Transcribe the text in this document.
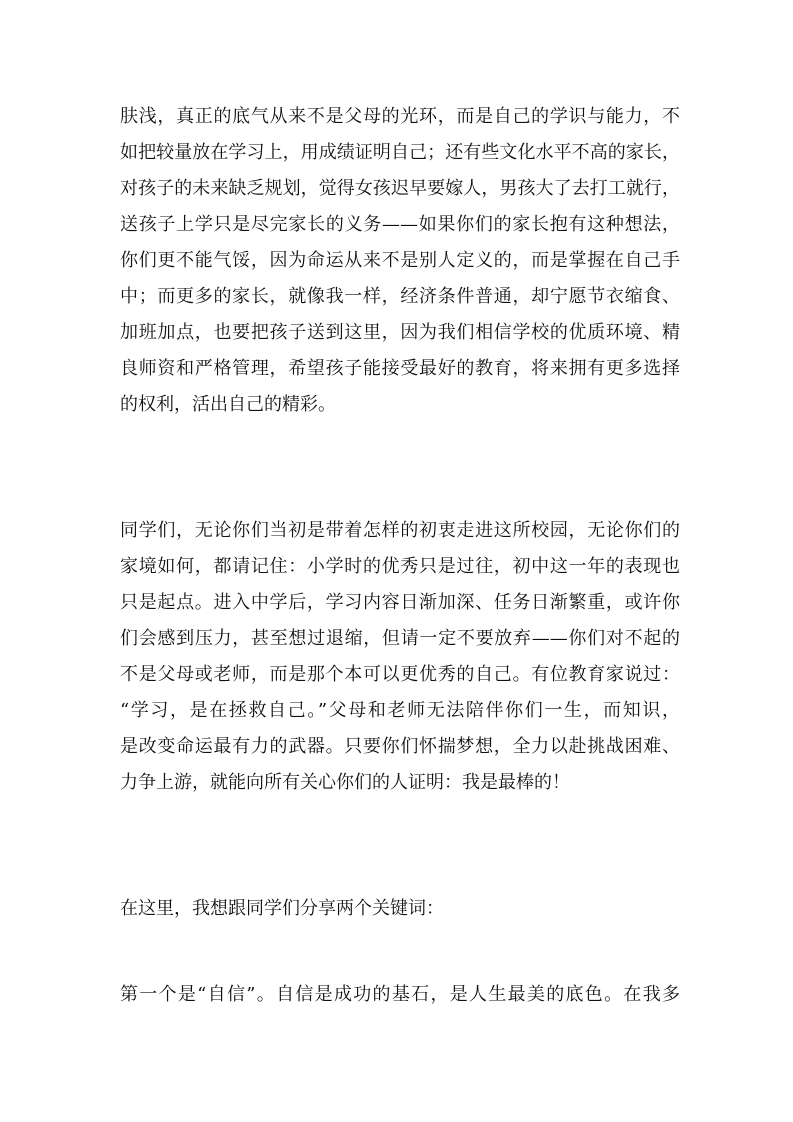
肤浅，真正的底气从来不是父母的光环，而是自己的学识与能力，不
如把较量放在学习上，用成绩证明自己；还有些文化水平不高的家长，
对孩子的未来缺乏规划，觉得女孩迟早要嫁人，男孩大了去打工就行，
送孩子上学只是尽完家长的义务——如果你们的家长抱有这种想法，
你们更不能气馁，因为命运从来不是别人定义的，而是掌握在自己手
中；而更多的家长，就像我一样，经济条件普通，却宁愿节衣缩食、
加班加点，也要把孩子送到这里，因为我们相信学校的优质环境、精
良师资和严格管理，希望孩子能接受最好的教育，将来拥有更多选择
的权利，活出自己的精彩。
同学们，无论你们当初是带着怎样的初衷走进这所校园，无论你们的
家境如何，都请记住：小学时的优秀只是过往，初中这一年的表现也
只是起点。进入中学后，学习内容日渐加深、任务日渐繁重，或许你
们会感到压力，甚至想过退缩，但请一定不要放弃——你们对不起的
不是父母或老师，而是那个本可以更优秀的自己。有位教育家说过：
“学习，是在拯救自己。”父母和老师无法陪伴你们一生，而知识，
是改变命运最有力的武器。只要你们怀揣梦想，全力以赴挑战困难、
力争上游，就能向所有关心你们的人证明：我是最棒的！
在这里，我想跟同学们分享两个关键词：
第一个是“自信”。自信是成功的基石，是人生最美的底色。在我多
